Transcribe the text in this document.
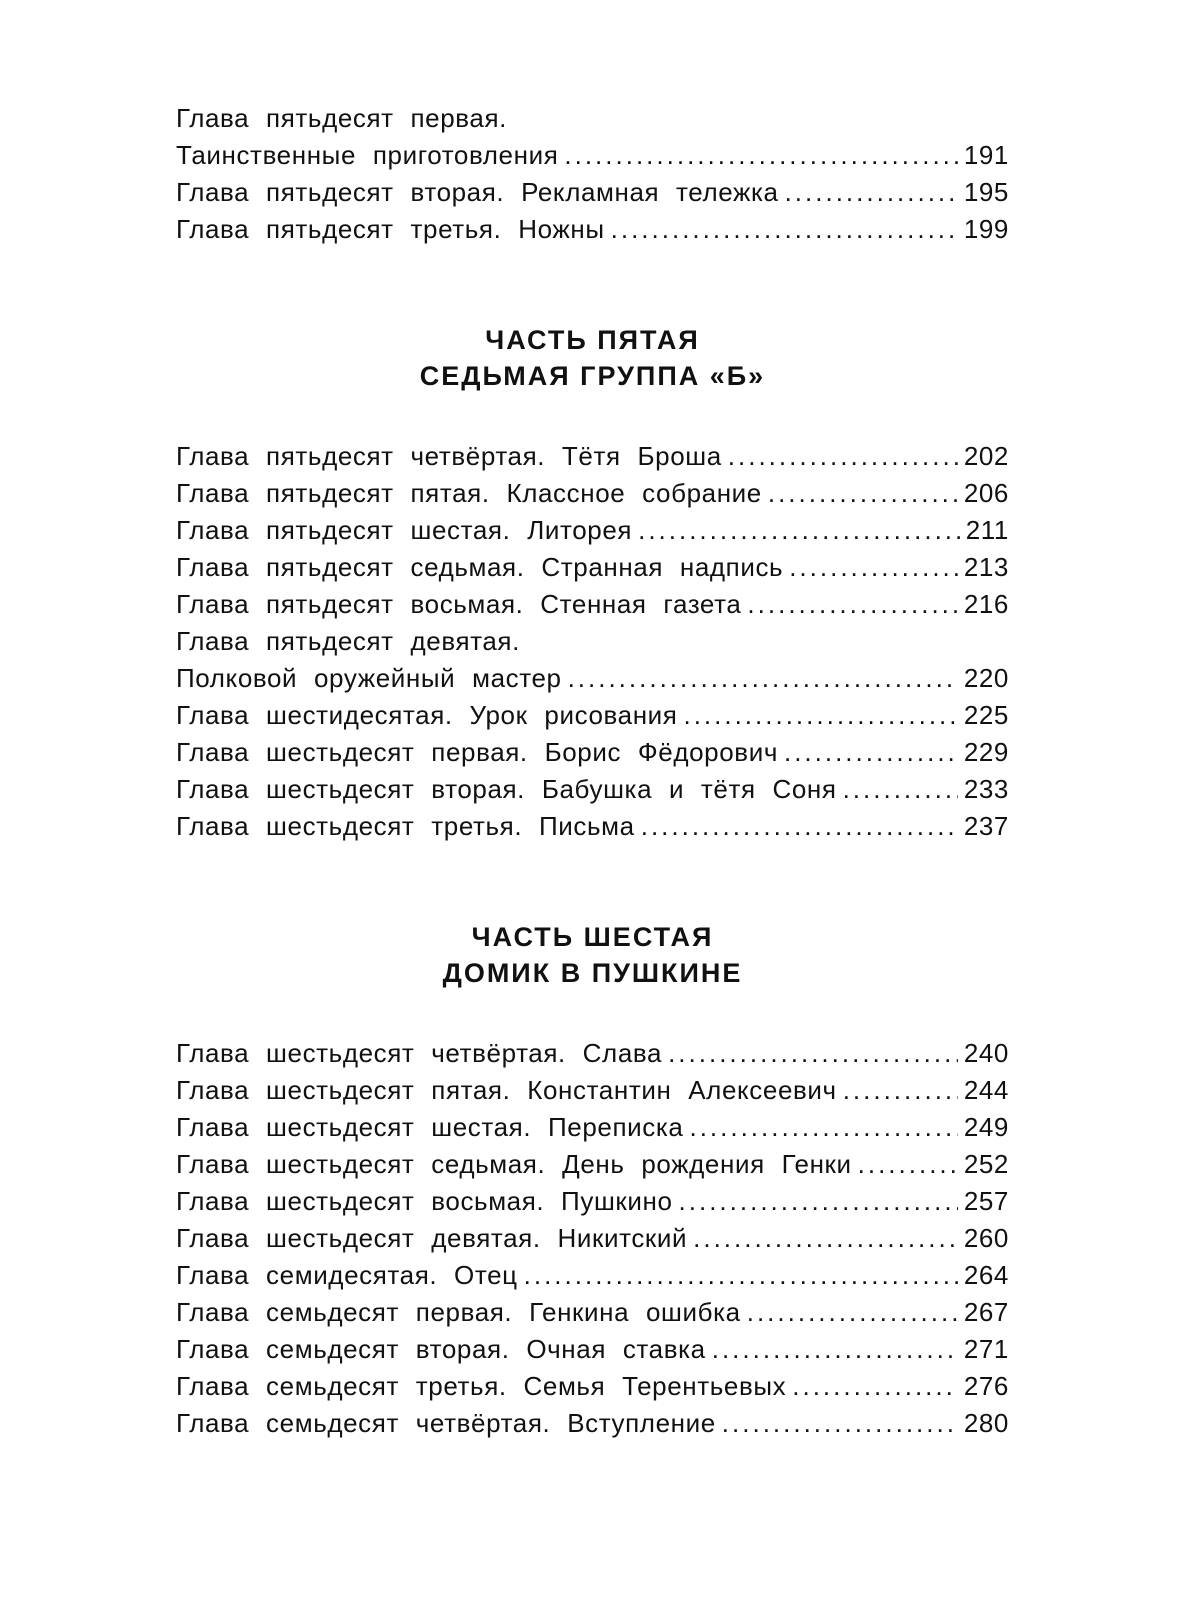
Глава пятьдесят первая.
Таинственные приготовления .....	191
Глава пятьдесят вторая. Рекламная тележка .....	195
Глава пятьдесят третья. Ножны .....	199

ЧАСТЬ ПЯТАЯ

СЕДЬМАЯ ГРУППА «Б»

Глава пятьдесят четвёртая. Тётя Броша .....	202
Глава пятьдесят пятая. Классное собрание .....	206
Глава пятьдесят шестая. Литорея .....	211
Глава пятьдесят седьмая. Странная надпись .....	213
Глава пятьдесят восьмая. Стенная газета .....	216
Глава пятьдесят девятая.
Полковой оружейный мастер .....	220
Глава шестидесятая. Урок рисования .....	225
Глава шестьдесят первая. Борис Фёдорович .....	229
Глава шестьдесят вторая. Бабушка и тётя Соня .....	233
Глава шестьдесят третья. Письма .....	237

ЧАСТЬ ШЕСТАЯ

ДОМИК В ПУШКИНЕ

Глава шестьдесят четвёртая. Слава .....	240
Глава шестьдесят пятая. Константин Алексеевич .....	244
Глава шестьдесят шестая. Переписка .....	249
Глава шестьдесят седьмая. День рождения Генки .....	252
Глава шестьдесят восьмая. Пушкино .....	257
Глава шестьдесят девятая. Никитский .....	260
Глава семидесятая. Отец .....	264
Глава семьдесят первая. Генкина ошибка .....	267
Глава семьдесят вторая. Очная ставка .....	271
Глава семьдесят третья. Семья Терентьевых .....	276
Глава семьдесят четвёртая. Вступление .....	280
